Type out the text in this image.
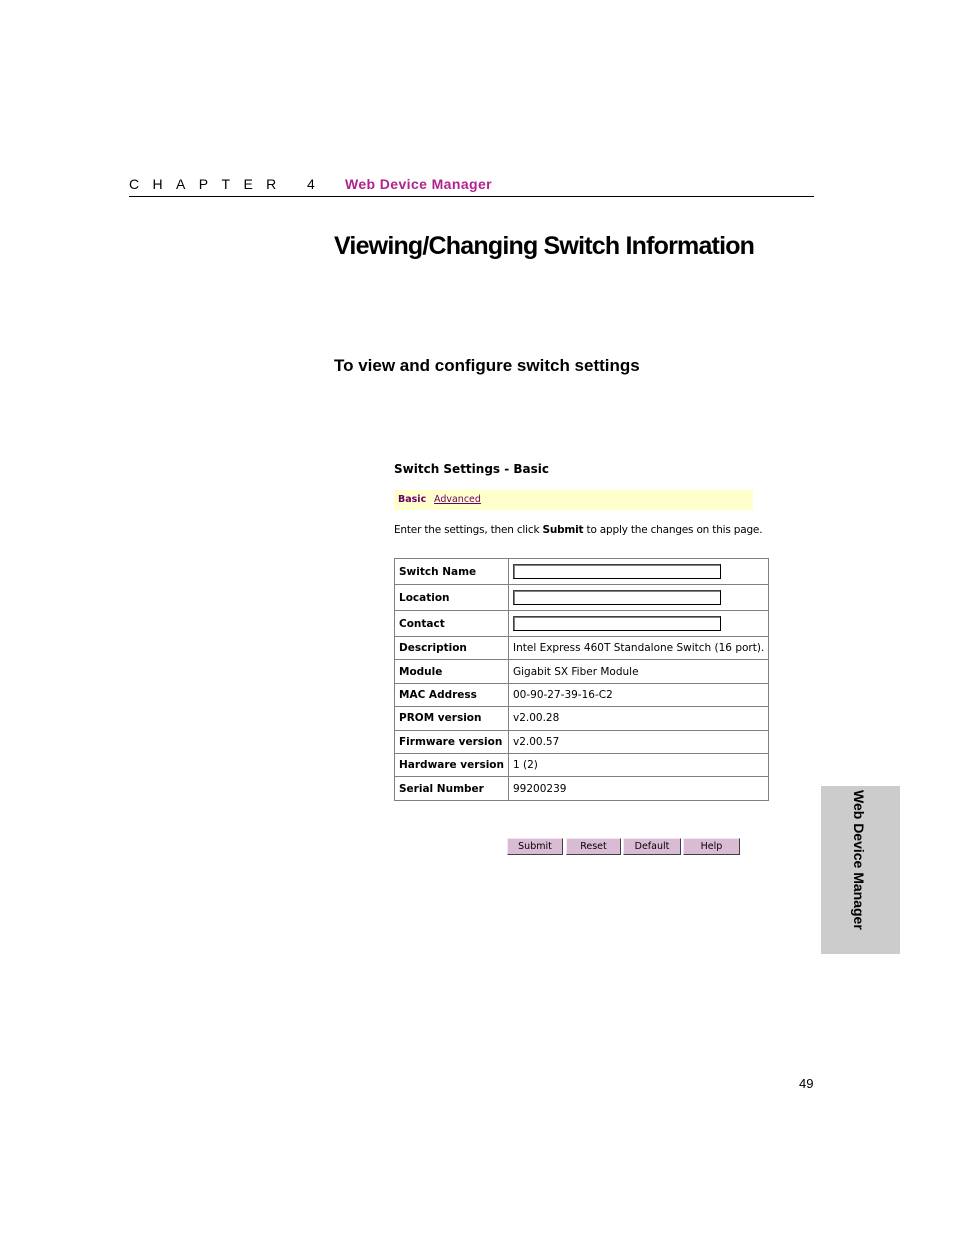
CHAPTER 4 Web Device Manager
Viewing/Changing Switch Information
To view and configure switch settings
Switch Settings - Basic
Basic Advanced
Enter the settings, then click Submit to apply the changes on this page.
Switch Name	

Location	

Contact	

Description	Intel Express 460T Standalone Switch (16 port).
Module	Gigabit SX Fiber Module
MAC Address	00-90-27-39-16-C2
PROM version	v2.00.28
Firmware version	v2.00.57
Hardware version	1 (2)
Serial Number	99200239
Submit	Reset	Default	Help	Web Device Manager
49
